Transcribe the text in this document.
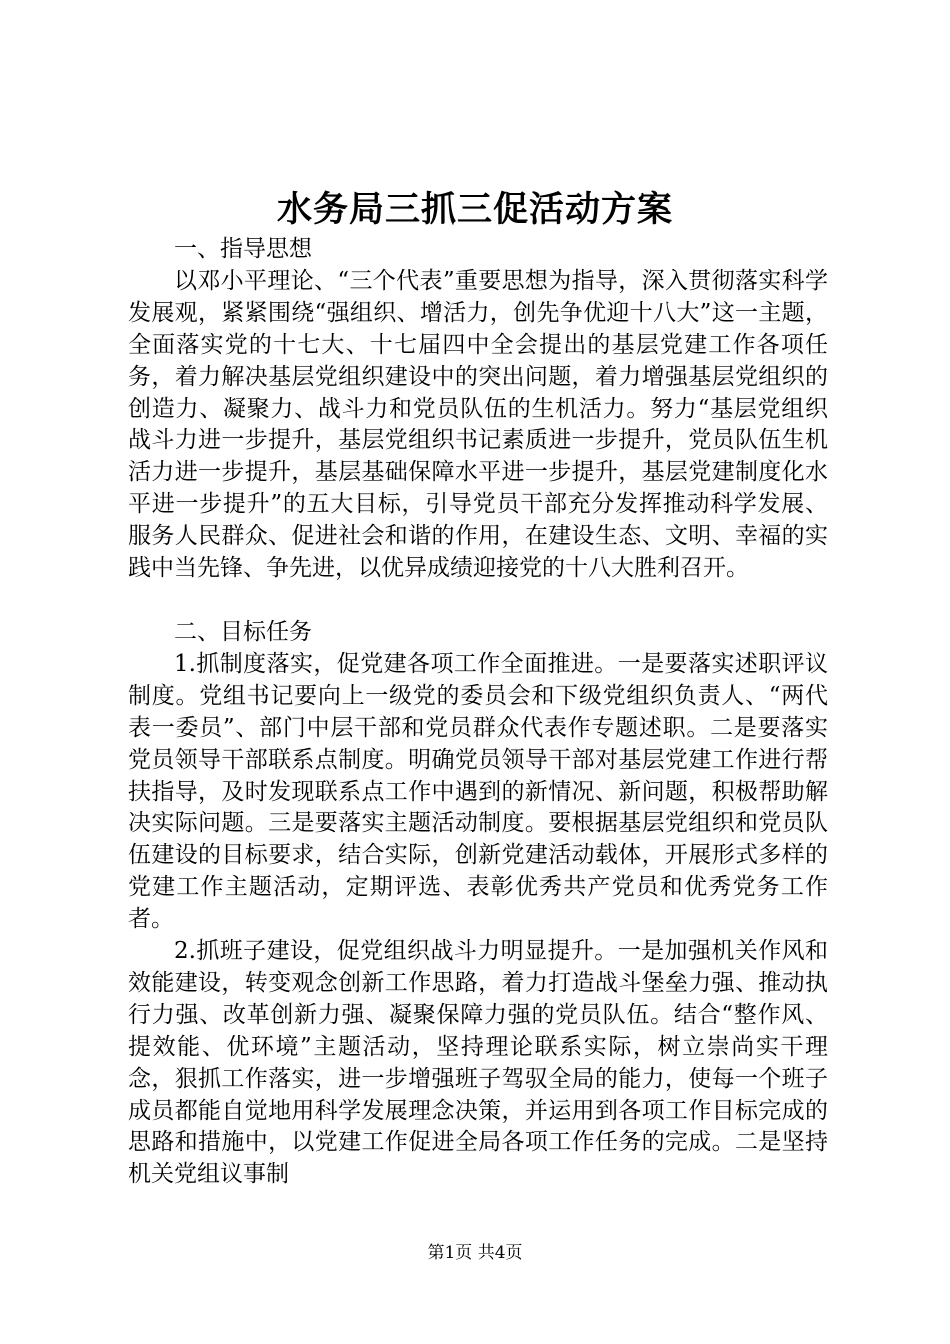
水务局三抓三促活动方案

一、指导思想

以邓小平理论、“三个代表”重要思想为指导，深入贯彻落实科学发展观，紧紧围绕“强组织、增活力，创先争优迎十八大”这一主题，全面落实党的十七大、十七届四中全会提出的基层党建工作各项任务，着力解决基层党组织建设中的突出问题，着力增强基层党组织的创造力、凝聚力、战斗力和党员队伍的生机活力。努力“基层党组织战斗力进一步提升，基层党组织书记素质进一步提升，党员队伍生机活力进一步提升，基层基础保障水平进一步提升，基层党建制度化水平进一步提升”的五大目标，引导党员干部充分发挥推动科学发展、服务人民群众、促进社会和谐的作用，在建设生态、文明、幸福的实践中当先锋、争先进，以优异成绩迎接党的十八大胜利召开。

二、目标任务

1.抓制度落实，促党建各项工作全面推进。一是要落实述职评议制度。党组书记要向上一级党的委员会和下级党组织负责人、“两代表一委员”、部门中层干部和党员群众代表作专题述职。二是要落实党员领导干部联系点制度。明确党员领导干部对基层党建工作进行帮扶指导，及时发现联系点工作中遇到的新情况、新问题，积极帮助解决实际问题。三是要落实主题活动制度。要根据基层党组织和党员队伍建设的目标要求，结合实际，创新党建活动载体，开展形式多样的党建工作主题活动，定期评选、表彰优秀共产党员和优秀党务工作者。

2.抓班子建设，促党组织战斗力明显提升。一是加强机关作风和效能建设，转变观念创新工作思路，着力打造战斗堡垒力强、推动执行力强、改革创新力强、凝聚保障力强的党员队伍。结合“整作风、提效能、优环境”主题活动，坚持理论联系实际，树立崇尚实干理念，狠抓工作落实，进一步增强班子驾驭全局的能力，使每一个班子成员都能自觉地用科学发展理念决策，并运用到各项工作目标完成的思路和措施中，以党建工作促进全局各项工作任务的完成。二是坚持机关党组议事制

第1页 共4页
